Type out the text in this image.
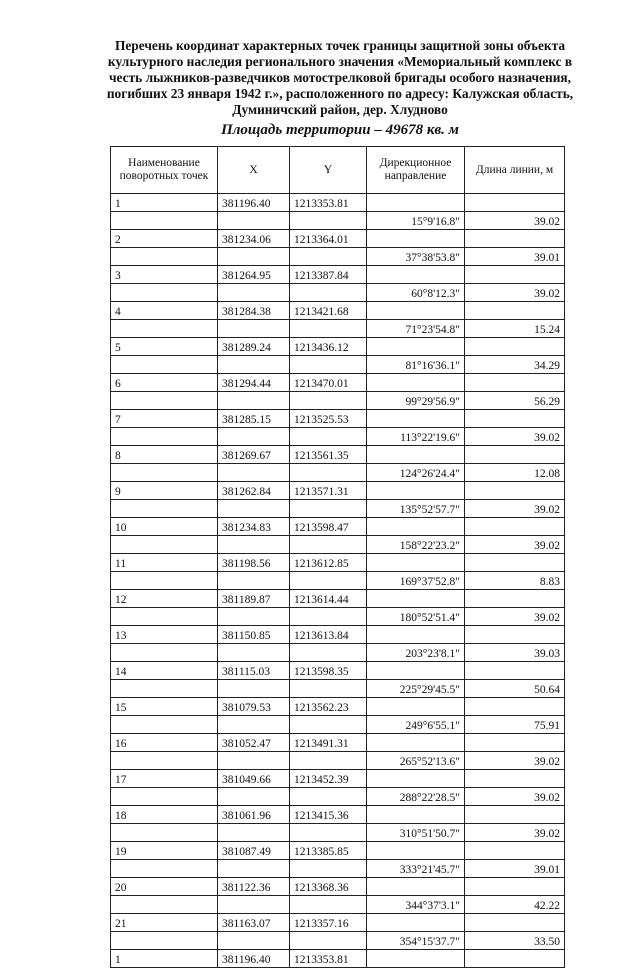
Перечень координат характерных точек границы защитной зоны объекта
культурного наследия регионального значения «Мемориальный комплекс в
честь лыжников-разведчиков мотострелковой бригады особого назначения,
погибших 23 января 1942 г.», расположенного по адресу: Калужская область,
Думиничский район, дер. Хлудново
Площадь территории – 49678 кв. м
Наименование поворотных точек	X	Y	Дирекционное направление	Длина линии, м
1	381196.40	1213353.81		
			15°9'16.8"	39.02
2	381234.06	1213364.01		
			37°38'53.8"	39.01
3	381264.95	1213387.84		
			60°8'12.3"	39.02
4	381284.38	1213421.68		
			71°23'54.8"	15.24
5	381289.24	1213436.12		
			81°16'36.1"	34.29
6	381294.44	1213470.01		
			99°29'56.9"	56.29
7	381285.15	1213525.53		
			113°22'19.6"	39.02
8	381269.67	1213561.35		
			124°26'24.4"	12.08
9	381262.84	1213571.31		
			135°52'57.7"	39.02
10	381234.83	1213598.47		
			158°22'23.2"	39.02
11	381198.56	1213612.85		
			169°37'52.8"	8.83
12	381189.87	1213614.44		
			180°52'51.4"	39.02
13	381150.85	1213613.84		
			203°23'8.1"	39.03
14	381115.03	1213598.35		
			225°29'45.5"	50.64
15	381079.53	1213562.23		
			249°6'55.1"	75.91
16	381052.47	1213491.31		
			265°52'13.6"	39.02
17	381049.66	1213452.39		
			288°22'28.5"	39.02
18	381061.96	1213415.36		
			310°51'50.7"	39.02
19	381087.49	1213385.85		
			333°21'45.7"	39.01
20	381122.36	1213368.36		
			344°37'3.1"	42.22
21	381163.07	1213357.16		
			354°15'37.7"	33.50
1	381196.40	1213353.81		
